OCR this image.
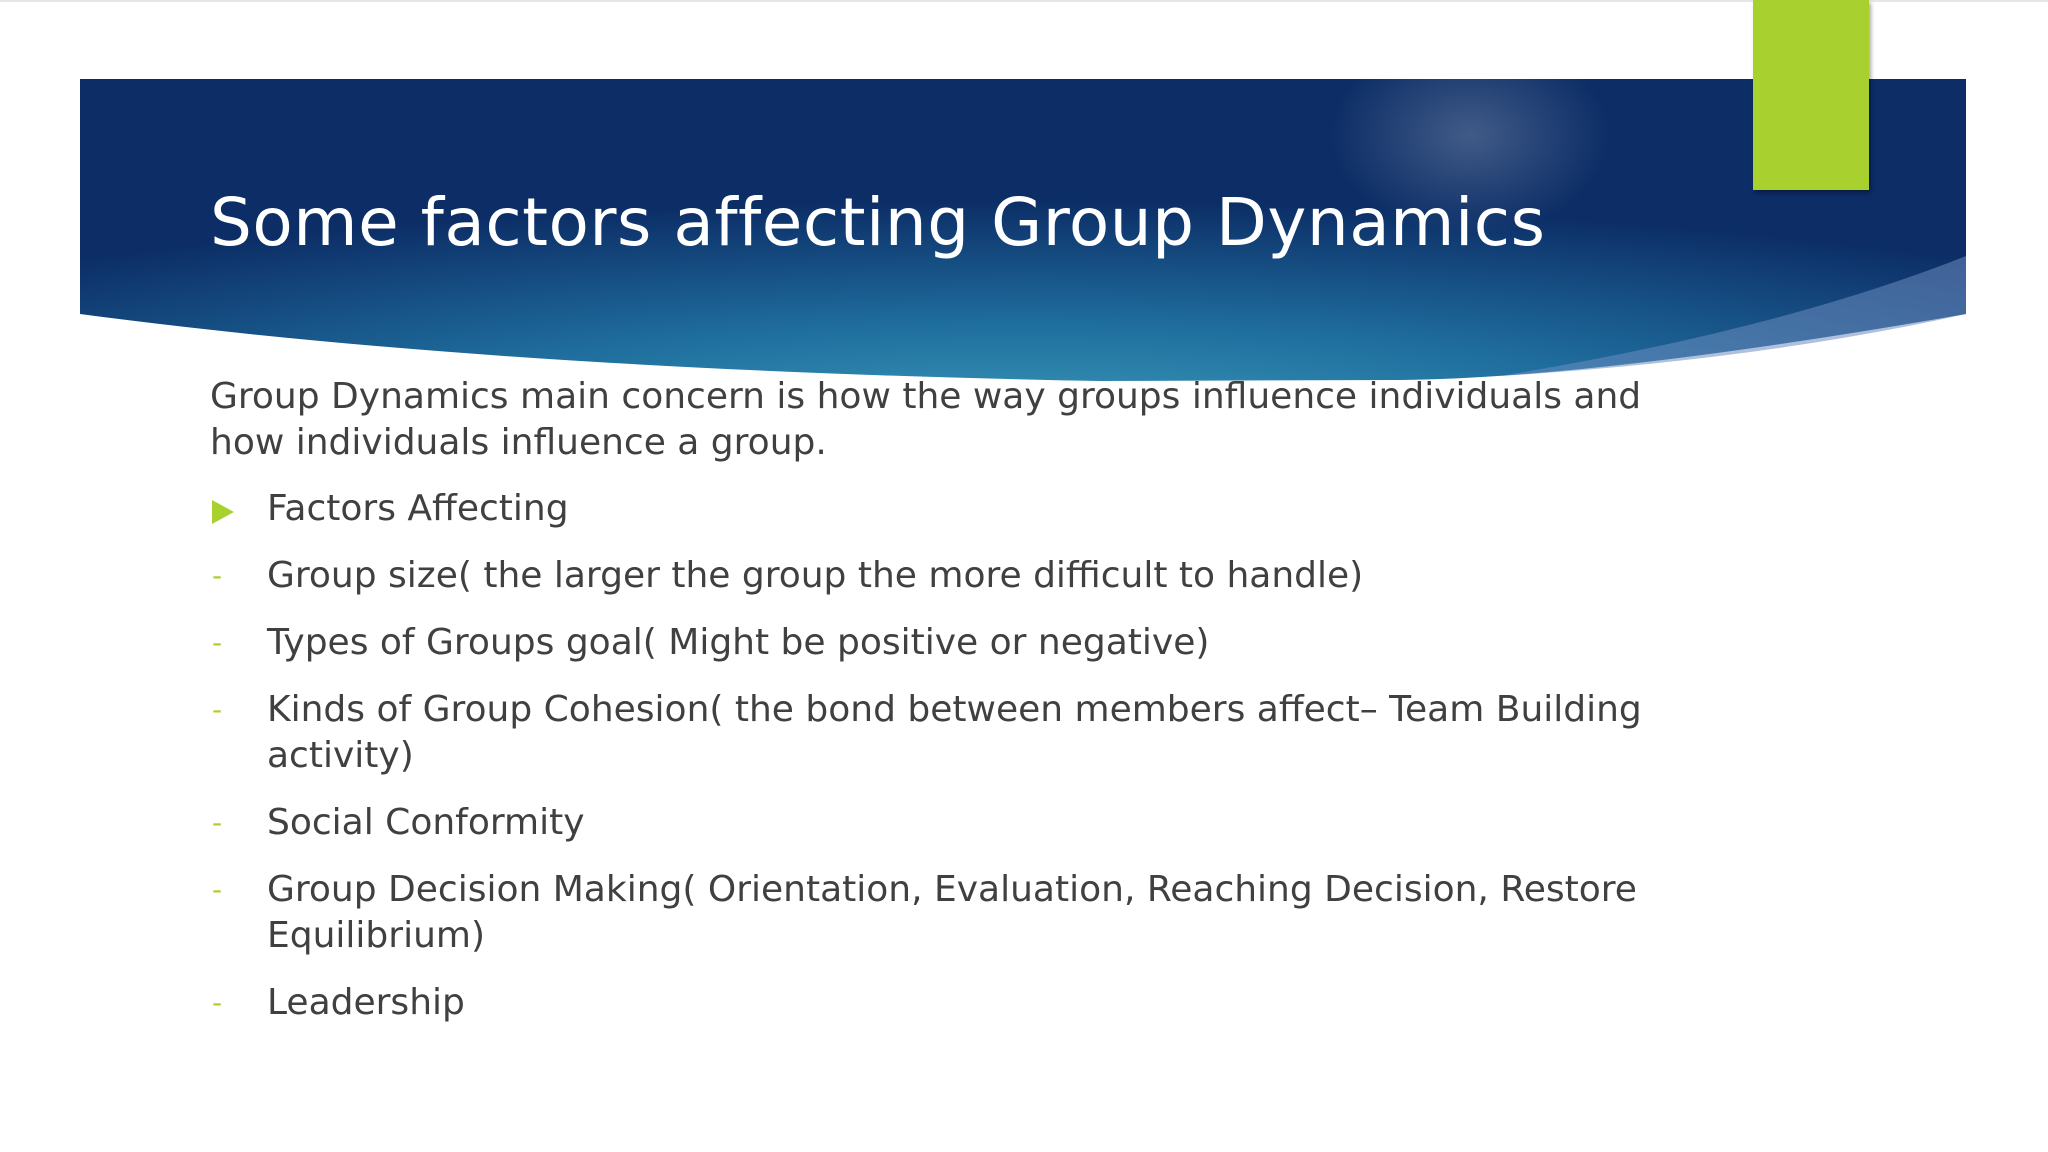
Some factors affecting Group Dynamics

Group Dynamics main concern is how the way groups influence individuals and how individuals influence a group.

Factors Affecting
- Group size( the larger the group the more difficult to handle)
- Types of Groups goal( Might be positive or negative)
- Kinds of Group Cohesion( the bond between members affect– Team Building activity)
- Social Conformity
- Group Decision Making( Orientation, Evaluation, Reaching Decision, Restore Equilibrium)
- Leadership
